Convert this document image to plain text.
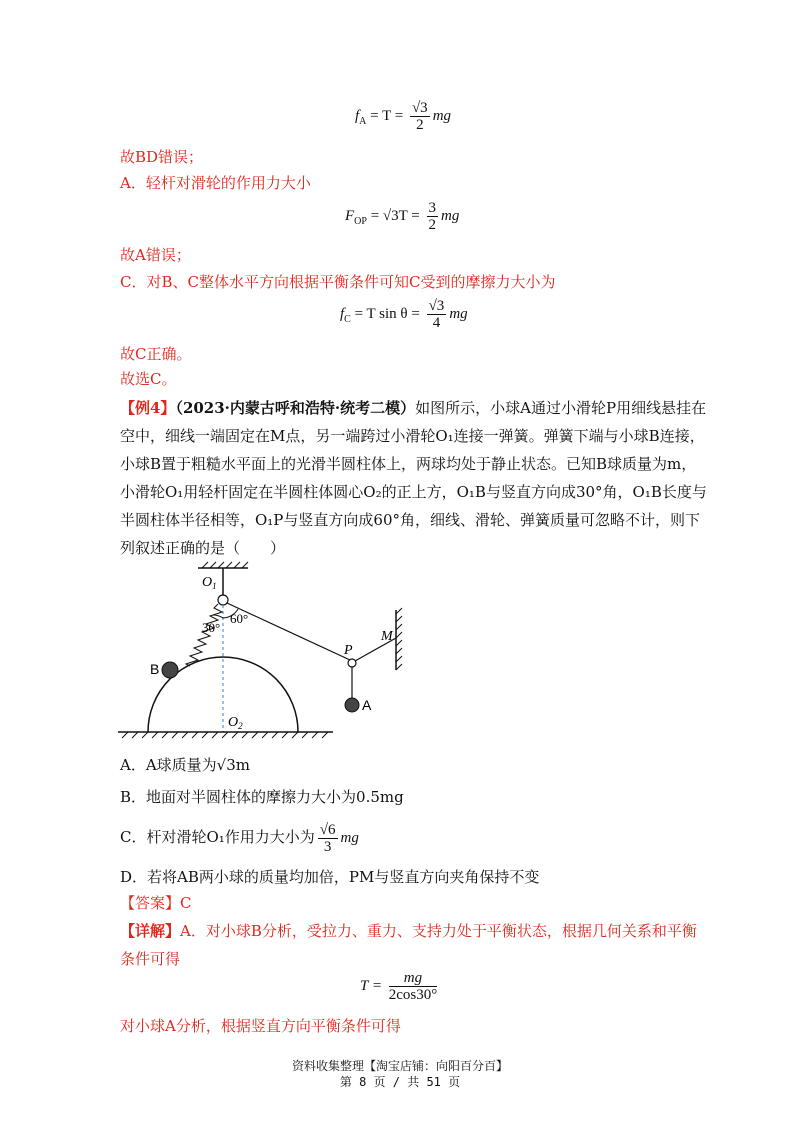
$f_A = T = \frac{√3}{2}$ mg
故BD错误；
A．轻杆对滑轮的作用力大小
$F_{OP} = √3T = \frac{3}{2}$ mg
故A错误；
C．对B、C整体水平方向根据平衡条件可知C受到的摩擦力大小为
$f_C = T$ $\sin \theta = \frac{√3}{4}$ mg
故C正确。
故选C。
【例4】（2023·内蒙古呼和浩特·统考二模）如图所示，小球A通过小滑轮P用细线悬挂在
空中，细线一端固定在M点，另一端跨过小滑轮O₁连接一弹簧。弹簧下端与小球B连接，
小球B置于粗糙水平面上的光滑半圆柱体上，两球均处于静止状态。已知B球质量为m，
小滑轮O₁用轻杆固定在半圆柱体圆心O₂的正上方，O₁B与竖直方向成30°角，O₁B长度与
半圆柱体半径相等，O₁P与竖直方向成60°角，细线、滑轮、弹簧质量可忽略不计，则下
列叙述正确的是（　　）
$O_1$
60°
30°
B
P
M
A
$O_2$
A．A球质量为√3m
B．地面对半圆柱体的摩擦力大小为0.5mg
C．杆对滑轮O₁作用力大小为 $\frac{√6}{3}$ mg
D．若将AB两小球的质量均加倍，PM与竖直方向夹角保持不变
【答案】C
【详解】A．对小球B分析，受拉力、重力、支持力处于平衡状态，根据几何关系和平衡
条件可得
$T = \frac{mg}{2\cos 30^\circ}$
对小球A分析，根据竖直方向平衡条件可得
资料收集整理【淘宝店铺：向阳百分百】
第 8 页 / 共 51 页
